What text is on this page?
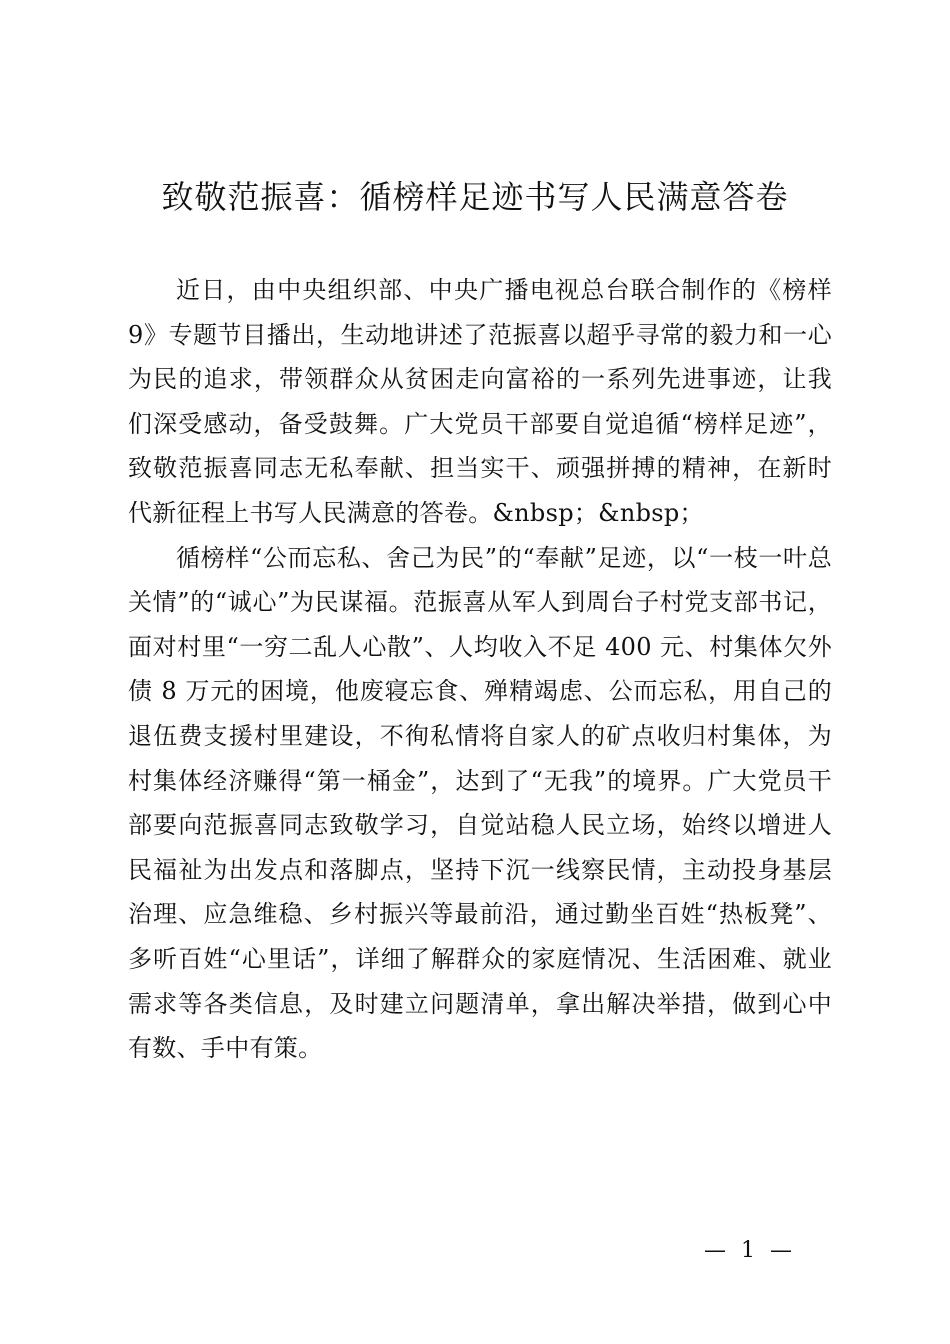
致敬范振喜：循榜样足迹书写人民满意答卷

近日，由中央组织部、中央广播电视总台联合制作的《榜样 9》专题节目播出，生动地讲述了范振喜以超乎寻常的毅力和一心为民的追求，带领群众从贫困走向富裕的一系列先进事迹，让我们深受感动，备受鼓舞。广大党员干部要自觉追循“榜样足迹”，致敬范振喜同志无私奉献、担当实干、顽强拼搏的精神，在新时代新征程上书写人民满意的答卷。&nbsp；&nbsp；

循榜样“公而忘私、舍己为民”的“奉献”足迹，以“一枝一叶总关情”的“诚心”为民谋福。范振喜从军人到周台子村党支部书记，面对村里“一穷二乱人心散”、人均收入不足 400 元、村集体欠外债 8 万元的困境，他废寝忘食、殚精竭虑、公而忘私，用自己的退伍费支援村里建设，不徇私情将自家人的矿点收归村集体，为村集体经济赚得“第一桶金”，达到了“无我”的境界。广大党员干部要向范振喜同志致敬学习，自觉站稳人民立场，始终以增进人民福祉为出发点和落脚点，坚持下沉一线察民情，主动投身基层治理、应急维稳、乡村振兴等最前沿，通过勤坐百姓“热板凳”、多听百姓“心里话”，详细了解群众的家庭情况、生活困难、就业需求等各类信息，及时建立问题清单，拿出解决举措，做到心中有数、手中有策。

— 1 —
